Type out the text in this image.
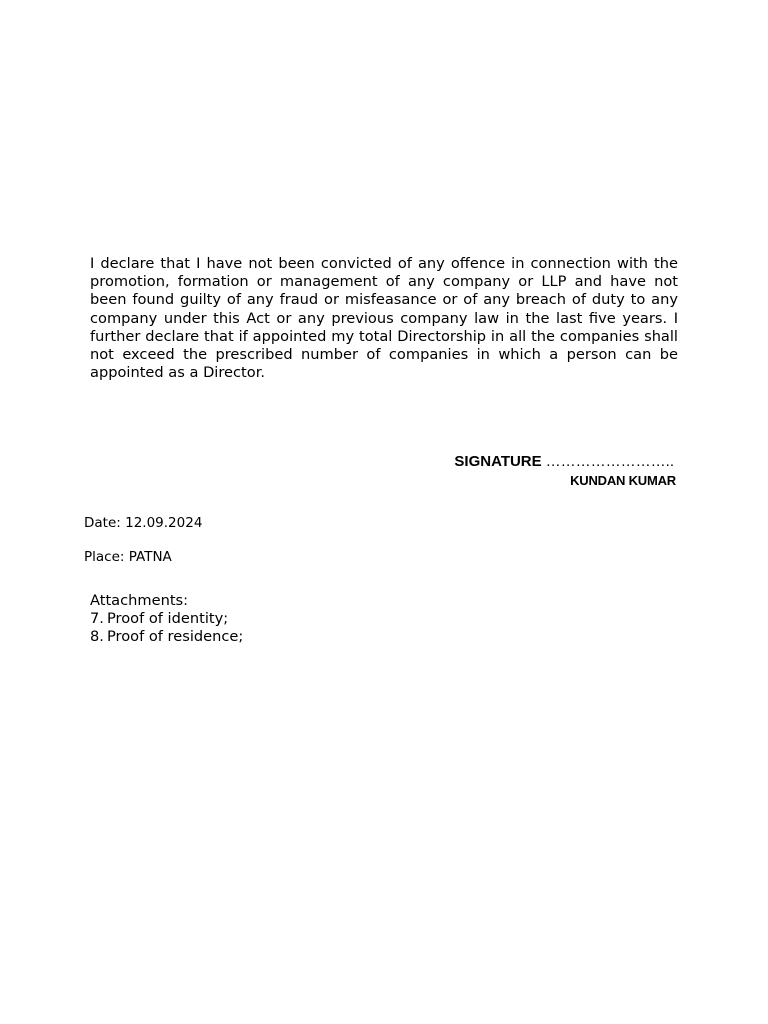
I declare that I have not been convicted of any offence in connection with the promotion, formation or management of any company or LLP and have not been found guilty of any fraud or misfeasance or of any breach of duty to any company under this Act or any previous company law in the last five years. I further declare that if appointed my total Directorship in all the companies shall not exceed the prescribed number of companies in which a person can be appointed as a Director.

SIGNATURE ……………………..
KUNDAN KUMAR
Date: 12.09.2024
Place: PATNA

Attachments:

7. Proof of identity;
8. Proof of residence;
